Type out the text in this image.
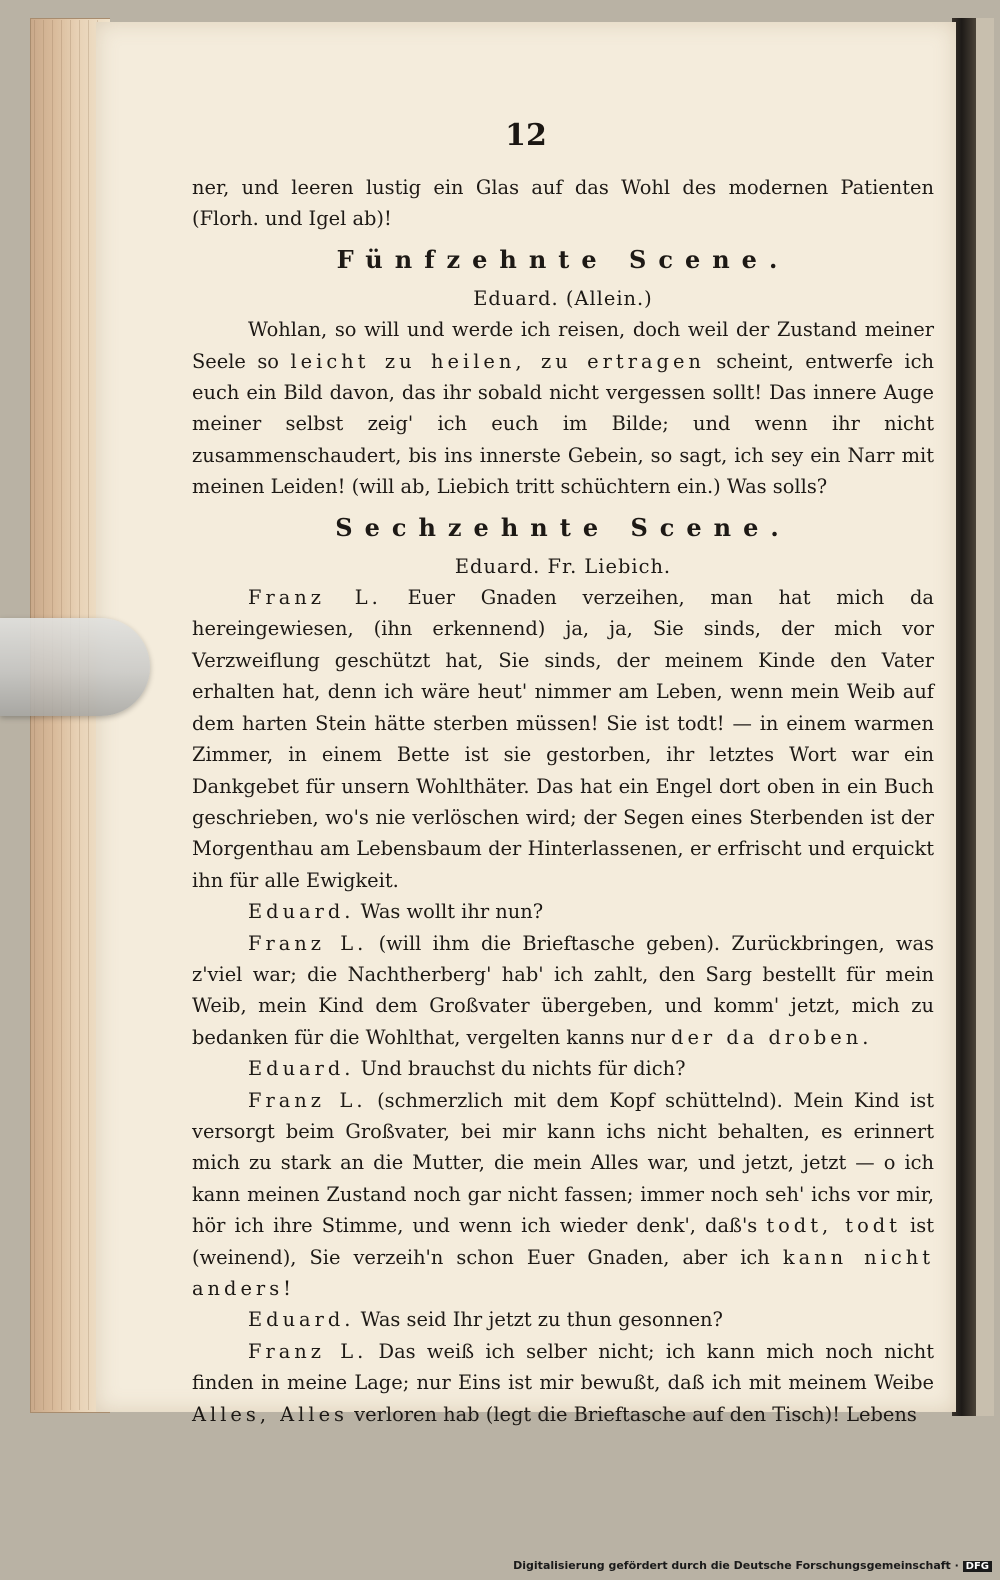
12

ner, und leeren lustig ein Glas auf das Wohl des modernen Patienten (Florh. und Igel ab)!

Fünfzehnte Scene.

Eduard. (Allein.)

Wohlan, so will und werde ich reisen, doch weil der Zustand meiner Seele so leicht zu heilen, zu ertragen scheint, entwerfe ich euch ein Bild davon, das ihr sobald nicht vergessen sollt! Das innere Auge meiner selbst zeig' ich euch im Bilde; und wenn ihr nicht zusammenschaudert, bis ins innerste Gebein, so sagt, ich sey ein Narr mit meinen Leiden! (will ab, Liebich tritt schüchtern ein.) Was solls?

Sechzehnte Scene.

Eduard. Fr. Liebich.

Franz L. Euer Gnaden verzeihen, man hat mich da hereingewiesen, (ihn erkennend) ja, ja, Sie sinds, der mich vor Verzweiflung geschützt hat, Sie sinds, der meinem Kinde den Vater erhalten hat, denn ich wäre heut' nimmer am Leben, wenn mein Weib auf dem harten Stein hätte sterben müssen! Sie ist todt! — in einem warmen Zimmer, in einem Bette ist sie gestorben, ihr letztes Wort war ein Dankgebet für unsern Wohlthäter. Das hat ein Engel dort oben in ein Buch geschrieben, wo's nie verlöschen wird; der Segen eines Sterbenden ist der Morgenthau am Lebensbaum der Hinterlassenen, er erfrischt und erquickt ihn für alle Ewigkeit.

Eduard. Was wollt ihr nun?

Franz L. (will ihm die Brieftasche geben). Zurückbringen, was z'viel war; die Nachtherberg' hab' ich zahlt, den Sarg bestellt für mein Weib, mein Kind dem Großvater übergeben, und komm' jetzt, mich zu bedanken für die Wohlthat, vergelten kanns nur der da droben.

Eduard. Und brauchst du nichts für dich?

Franz L. (schmerzlich mit dem Kopf schüttelnd). Mein Kind ist versorgt beim Großvater, bei mir kann ichs nicht behalten, es erinnert mich zu stark an die Mutter, die mein Alles war, und jetzt, jetzt — o ich kann meinen Zustand noch gar nicht fassen; immer noch seh' ichs vor mir, hör ich ihre Stimme, und wenn ich wieder denk', daß's todt, todt ist (weinend), Sie verzeih'n schon Euer Gnaden, aber ich kann nicht anders!

Eduard. Was seid Ihr jetzt zu thun gesonnen?

Franz L. Das weiß ich selber nicht; ich kann mich noch nicht finden in meine Lage; nur Eins ist mir bewußt, daß ich mit meinem Weibe Alles, Alles verloren hab (legt die Brieftasche auf den Tisch)! Lebens

Digitalisierung gefördert durch die Deutsche Forschungsgemeinschaft · DFG
